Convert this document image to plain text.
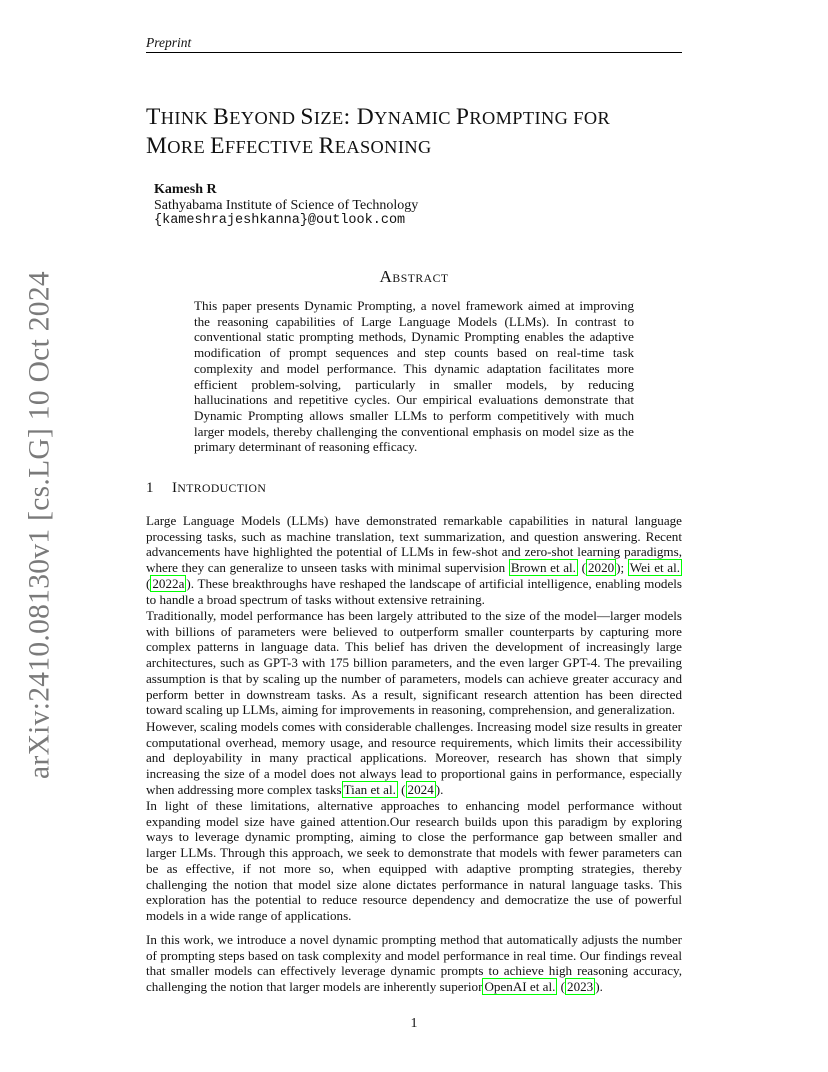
Preprint
arXiv:2410.08130v1 [cs.LG] 10 Oct 2024
THINK BEYOND SIZE: DYNAMIC PROMPTING FOR
MORE EFFECTIVE REASONING
Kamesh R
Sathyabama Institute of Science of Technology
{kameshrajeshkanna}@outlook.com
ABSTRACT
This paper presents Dynamic Prompting, a novel framework aimed at improving the reasoning capabilities of Large Language Models (LLMs). In contrast to conventional static prompting methods, Dynamic Prompting enables the adaptive modification of prompt sequences and step counts based on real-time task complexity and model performance. This dynamic adaptation facilitates more efficient problem-solving, particularly in smaller models, by reducing hallucinations and repetitive cycles. Our empirical evaluations demonstrate that Dynamic Prompting allows smaller LLMs to perform competitively with much larger models, thereby challenging the conventional emphasis on model size as the primary determinant of reasoning efficacy.
1 INTRODUCTION
Large Language Models (LLMs) have demonstrated remarkable capabilities in natural language processing tasks, such as machine translation, text summarization, and question answering. Recent advancements have highlighted the potential of LLMs in few-shot and zero-shot learning paradigms, where they can generalize to unseen tasks with minimal supervision Brown et al. ( 2020 ); Wei et al. ( 2022a ). These breakthroughs have reshaped the landscape of artificial intelligence, enabling models to handle a broad spectrum of tasks without extensive retraining.
Traditionally, model performance has been largely attributed to the size of the model—larger models with billions of parameters were believed to outperform smaller counterparts by capturing more complex patterns in language data. This belief has driven the development of increasingly large architectures, such as GPT-3 with 175 billion parameters, and the even larger GPT-4. The prevailing assumption is that by scaling up the number of parameters, models can achieve greater accuracy and perform better in downstream tasks. As a result, significant research attention has been directed toward scaling up LLMs, aiming for improvements in reasoning, comprehension, and generalization.
However, scaling models comes with considerable challenges. Increasing model size results in greater computational overhead, memory usage, and resource requirements, which limits their accessibility and deployability in many practical applications. Moreover, research has shown that simply increasing the size of a model does not always lead to proportional gains in performance, especially when addressing more complex tasks Tian et al. ( 2024 ).
In light of these limitations, alternative approaches to enhancing model performance without expanding model size have gained attention.Our research builds upon this paradigm by exploring ways to leverage dynamic prompting, aiming to close the performance gap between smaller and larger LLMs. Through this approach, we seek to demonstrate that models with fewer parameters can be as effective, if not more so, when equipped with adaptive prompting strategies, thereby challenging the notion that model size alone dictates performance in natural language tasks. This exploration has the potential to reduce resource dependency and democratize the use of powerful models in a wide range of applications.
In this work, we introduce a novel dynamic prompting method that automatically adjusts the number of prompting steps based on task complexity and model performance in real time. Our findings reveal that smaller models can effectively leverage dynamic prompts to achieve high reasoning accuracy, challenging the notion that larger models are inherently superior OpenAI et al. ( 2023 ).
1
